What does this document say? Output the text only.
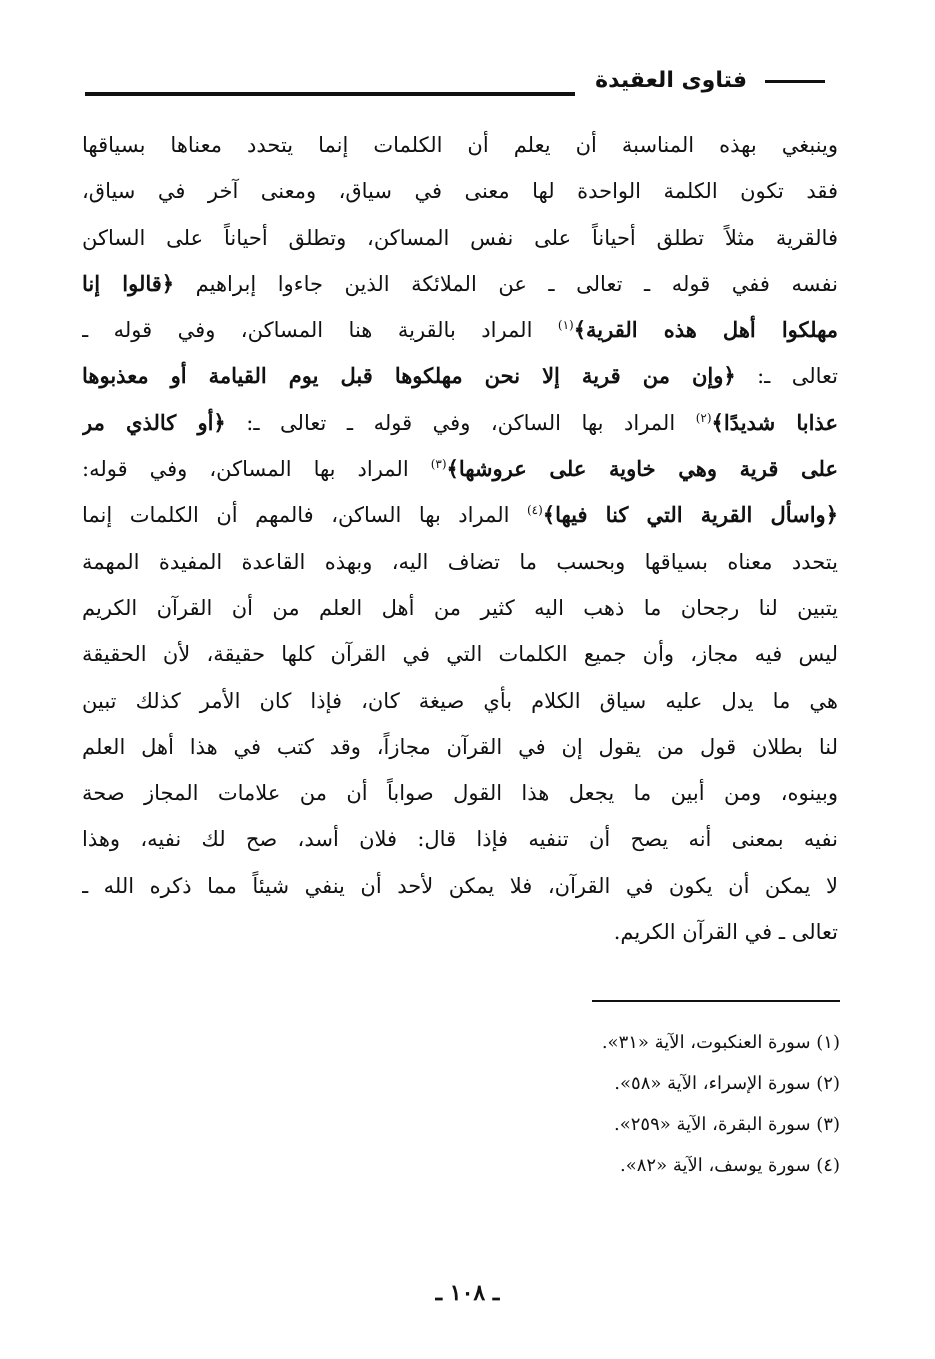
فتاوى العقيدة
وينبغي بهذه المناسبة أن يعلم أن الكلمات إنما يتحدد معناها بسياقها
فقد تكون الكلمة الواحدة لها معنى في سياق، ومعنى آخر في سياق،
فالقرية مثلاً تطلق أحياناً على نفس المساكن، وتطلق أحياناً على الساكن
نفسه ففي قوله ـ تعالى ـ عن الملائكة الذين جاءوا إبراهيم ﴿قالوا إنا
مهلكوا أهل هذه القرية﴾$^{(١)}$ المراد بالقرية هنا المساكن، وفي قوله ـ
تعالى ـ: ﴿وإن من قرية إلا نحن مهلكوها قبل يوم القيامة أو معذبوها
عذابا شديدًا﴾$^{(٢)}$ المراد بها الساكن، وفي قوله ـ تعالى ـ: ﴿أو كالذي مر
على قرية وهي خاوية على عروشها﴾$^{(٣)}$ المراد بها المساكن، وفي قوله:
﴿واسأل القرية التي كنا فيها﴾$^{(٤)}$ المراد بها الساكن، فالمهم أن الكلمات إنما
يتحدد معناه بسياقها وبحسب ما تضاف اليه، وبهذه القاعدة المفيدة المهمة
يتبين لنا رجحان ما ذهب اليه كثير من أهل العلم من أن القرآن الكريم
ليس فيه مجاز، وأن جميع الكلمات التي في القرآن كلها حقيقة، لأن الحقيقة
هي ما يدل عليه سياق الكلام بأي صيغة كان، فإذا كان الأمر كذلك تبين
لنا بطلان قول من يقول إن في القرآن مجازاً، وقد كتب في هذا أهل العلم
وبينوه، ومن أبين ما يجعل هذا القول صواباً أن من علامات المجاز صحة
نفيه بمعنى أنه يصح أن تنفيه فإذا قال: فلان أسد، صح لك نفيه، وهذا
لا يمكن أن يكون في القرآن، فلا يمكن لأحد أن ينفي شيئاً مما ذكره الله ـ
تعالى ـ في القرآن الكريم.
(١) سورة العنكبوت، الآية «٣١».
(٢) سورة الإسراء، الآية «٥٨».
(٣) سورة البقرة، الآية «٢٥٩».
(٤) سورة يوسف، الآية «٨٢».
ـ ١٠٨ ـ
